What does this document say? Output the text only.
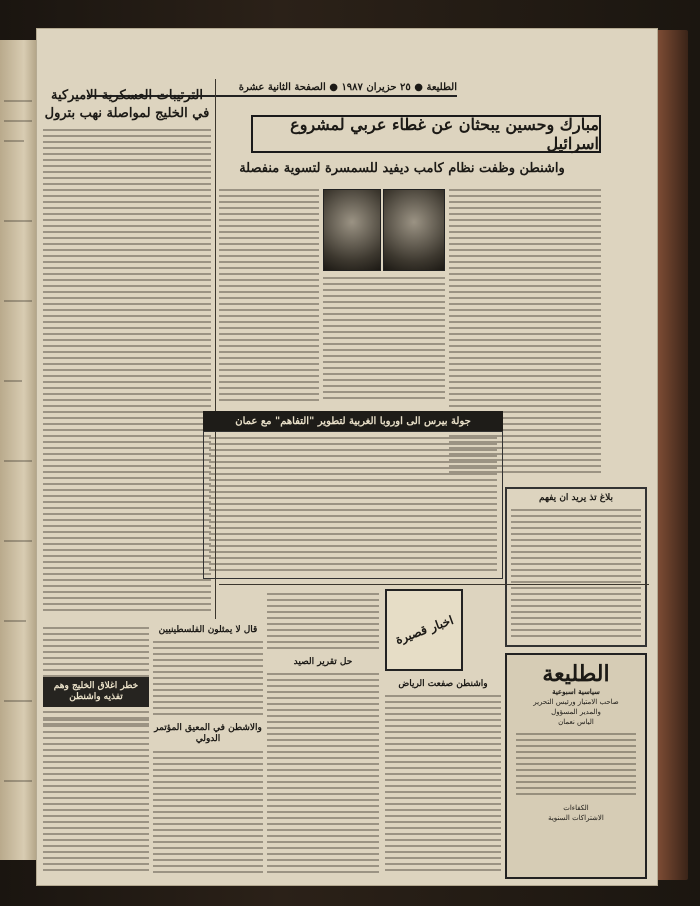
الطليعة ● ٢٥ حزيران ١٩٨٧ ● الصفحة الثانية عشرة
الترتيبات العسكرية الاميركية
في الخليج لمواصلة نهب بترول
مبارك وحسين يبحثان عن غطاء عربي لمشروع اسرائيل
واشنطن وظفت نظام كامب ديفيد للسمسرة لتسوية منفصلة
جولة بيرس الى اوروبا الغربية لتطوير "التفاهم" مع عمان
بلاغ تذ يريد ان يفهم
خطر اغلاق الخليج وهم تفذيه واشنطن
قال لا يمثلون الفلسطينيين
والاشطن في المعيق المؤتمر الدولي
حل تقرير الصيد
اخبار قصيرة
واشنطن صفعت الرياض	الطليعة
سياسية اسبوعية
صاحب الامتياز ورئيس التحرير
والمدير المسؤول
الياس نعمان
الكفاءات
الاشتراكات السنوية
